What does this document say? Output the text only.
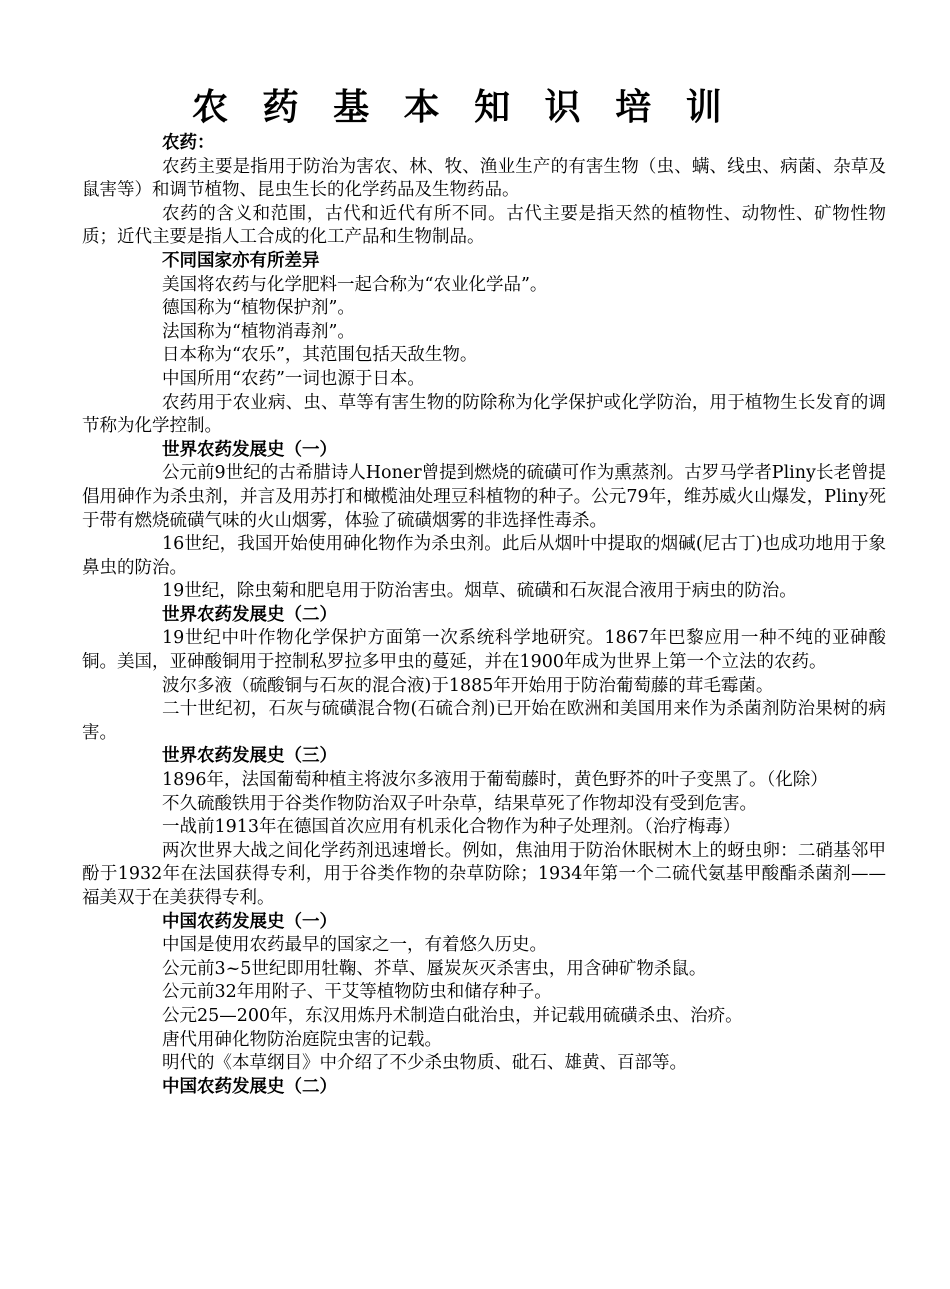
农 药 基 本 知 识 培 训

农药：

农药主要是指用于防治为害农、林、牧、渔业生产的有害生物（虫、螨、线虫、病菌、杂草及鼠害等）和调节植物、昆虫生长的化学药品及生物药品。

农药的含义和范围，古代和近代有所不同。古代主要是指天然的植物性、动物性、矿物性物质；近代主要是指人工合成的化工产品和生物制品。

不同国家亦有所差异

美国将农药与化学肥料一起合称为“农业化学品”。

德国称为“植物保护剂”。

法国称为“植物消毒剂”。

日本称为“农乐”，其范围包括天敌生物。

中国所用“农药”一词也源于日本。

农药用于农业病、虫、草等有害生物的防除称为化学保护或化学防治，用于植物生长发育的调节称为化学控制。

世界农药发展史（一）

公元前9世纪的古希腊诗人Honer曾提到燃烧的硫磺可作为熏蒸剂。古罗马学者Pliny长老曾提倡用砷作为杀虫剂，并言及用苏打和橄榄油处理豆科植物的种子。公元79年，维苏威火山爆发，Pliny死于带有燃烧硫磺气味的火山烟雾，体验了硫磺烟雾的非选择性毒杀。

16世纪，我国开始使用砷化物作为杀虫剂。此后从烟叶中提取的烟碱(尼古丁)也成功地用于象鼻虫的防治。

19世纪，除虫菊和肥皂用于防治害虫。烟草、硫磺和石灰混合液用于病虫的防治。

世界农药发展史（二）

19世纪中叶作物化学保护方面第一次系统科学地研究。1867年巴黎应用一种不纯的亚砷酸铜。美国，亚砷酸铜用于控制私罗拉多甲虫的蔓延，并在1900年成为世界上第一个立法的农药。

波尔多液（硫酸铜与石灰的混合液)于1885年开始用于防治葡萄藤的茸毛霉菌。

二十世纪初，石灰与硫磺混合物(石硫合剂)已开始在欧洲和美国用来作为杀菌剂防治果树的病害。

世界农药发展史（三）

1896年，法国葡萄种植主将波尔多液用于葡萄藤时，黄色野芥的叶子变黑了。（化除）

不久硫酸铁用于谷类作物防治双子叶杂草，结果草死了作物却没有受到危害。

一战前1913年在德国首次应用有机汞化合物作为种子处理剂。（治疗梅毒）

两次世界大战之间化学药剂迅速增长。例如，焦油用于防治休眠树木上的蚜虫卵：二硝基邻甲酚于1932年在法国获得专利，用于谷类作物的杂草防除；1934年第一个二硫代氨基甲酸酯杀菌剂——福美双于在美获得专利。

中国农药发展史（一）

中国是使用农药最早的国家之一，有着悠久历史。

公元前3~5世纪即用牡鞠、芥草、蜃炭灰灭杀害虫，用含砷矿物杀鼠。

公元前32年用附子、干艾等植物防虫和储存种子。

公元25—200年，东汉用炼丹术制造白砒治虫，并记载用硫磺杀虫、治疥。

唐代用砷化物防治庭院虫害的记载。

明代的《本草纲目》中介绍了不少杀虫物质、砒石、雄黄、百部等。

中国农药发展史（二）
